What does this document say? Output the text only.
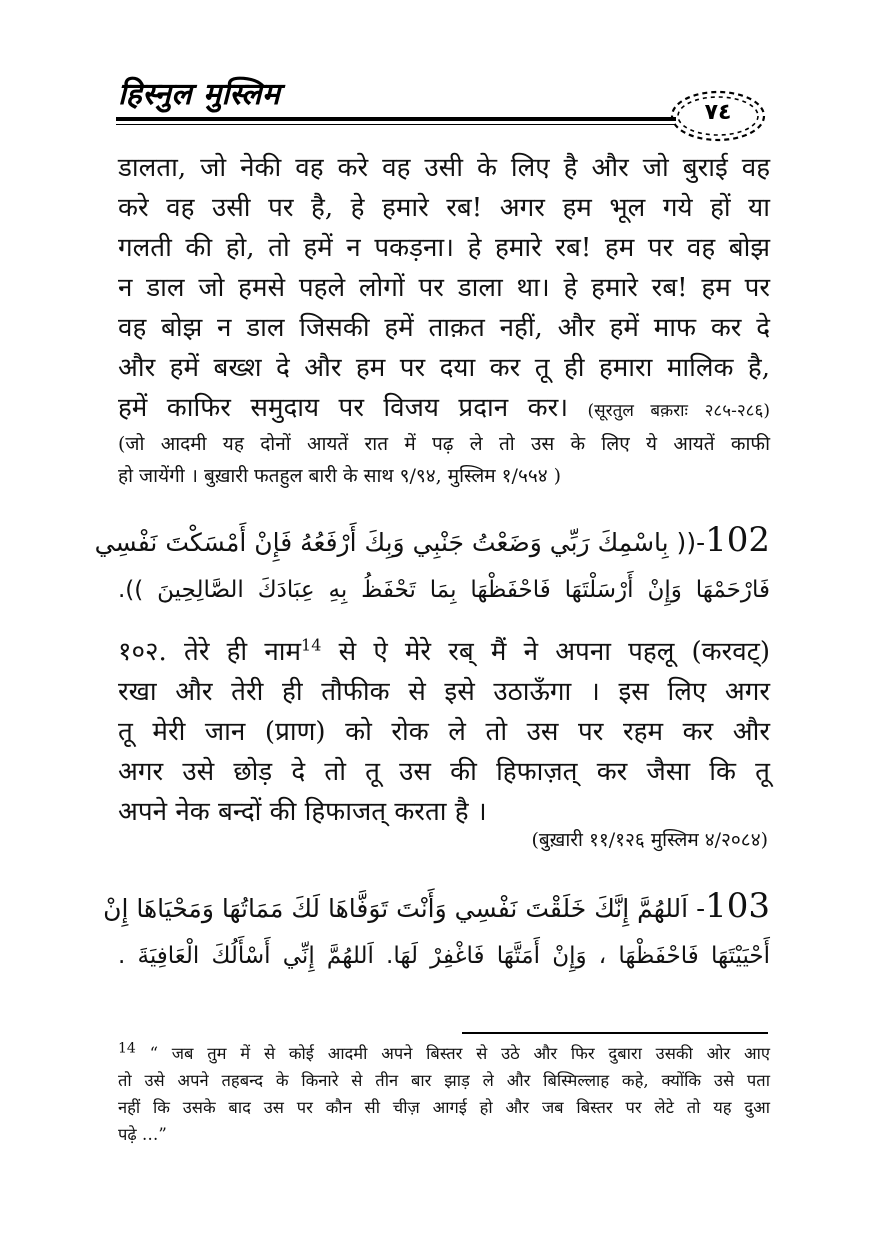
हिस्नुल मुस्लिम
٧٤
डालता, जो नेकी वह करे वह उसी के लिए है और जो बुराई वह
करे वह उसी पर है, हे हमारे रब! अगर हम भूल गये हों या
गलती की हो, तो हमें न पकड़ना। हे हमारे रब! हम पर वह बोझ
न डाल जो हमसे पहले लोगों पर डाला था। हे हमारे रब! हम पर
वह बोझ न डाल जिसकी हमें ताक़त नहीं, और हमें माफ कर दे
और हमें बख्श दे और हम पर दया कर तू ही हमारा मालिक है,
हमें काफिर समुदाय पर विजय प्रदान कर। (सूरतुल बक़राः २८५-२८६)
(जो आदमी यह दोनों आयतें रात में पढ़ ले तो उस के लिए ये आयतें काफी
हो जायेंगी । बुख़ारी फतहुल बारी के साथ ९/९४, मुस्लिम १/५५४ )
102-(( بِاسْمِكَ رَبِّي وَضَعْتُ جَنْبِي وَبِكَ أَرْفَعُهُ فَإِنْ أَمْسَكْتَ نَفْسِي
فَارْحَمْهَا وَإِنْ أَرْسَلْتَهَا فَاحْفَظْهَا بِمَا تَحْفَظُ بِهِ عِبَادَكَ الصَّالِحِينَ )).
१०२. तेरे ही नाम$^{14}$ से ऐ मेरे रब् मैं ने अपना पहलू (करवट्)
रखा और तेरी ही तौफीक से इसे उठाऊँगा । इस लिए अगर
तू मेरी जान (प्राण) को रोक ले तो उस पर रहम कर और
अगर उसे छोड़ दे तो तू उस की हिफाज़त् कर जैसा कि तू
अपने नेक बन्दों की हिफाजत् करता है ।
(बुख़ारी ११/१२६ मुस्लिम ४/२०८४)
103- اَللهُمَّ إِنَّكَ خَلَقْتَ نَفْسِي وَأَنْتَ تَوَفَّاهَا لَكَ مَمَاتُهَا وَمَحْيَاهَا إِنْ
أَحْيَيْتَهَا فَاحْفَظْهَا ، وَإِنْ أَمَتَّهَا فَاغْفِرْ لَهَا. اَللهُمَّ إِنِّي أَسْأَلُكَ الْعَافِيَةَ .
$^{14}$ “ जब तुम में से कोई आदमी अपने बिस्तर से उठे और फिर दुबारा उसकी ओर आए
तो उसे अपने तहबन्द के किनारे से तीन बार झाड़ ले और बिस्मिल्लाह कहे, क्योंकि उसे पता
नहीं कि उसके बाद उस पर कौन सी चीज़ आगई हो और जब बिस्तर पर लेटे तो यह दुआ
पढ़े …”
